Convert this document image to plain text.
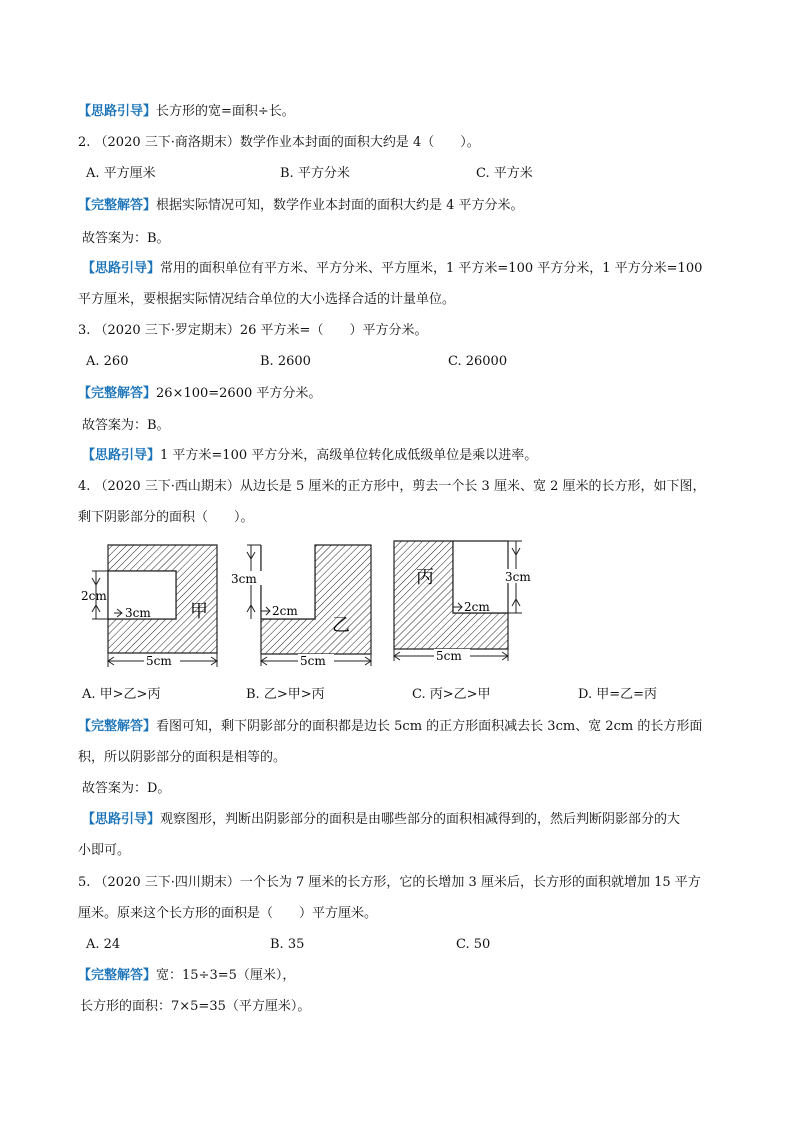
【思路引导】长方形的宽=面积÷长。
2. （2020 三下·商洛期末）数学作业本封面的面积大约是 4（　　）。
A. 平方厘米	B. 平方分米	C. 平方米
【完整解答】根据实际情况可知，数学作业本封面的面积大约是 4 平方分米。
故答案为：B。
【思路引导】常用的面积单位有平方米、平方分米、平方厘米，1 平方米=100 平方分米，1 平方分米=100
平方厘米，要根据实际情况结合单位的大小选择合适的计量单位。
3. （2020 三下·罗定期末）26 平方米=（　　）平方分米。
A. 260	B. 2600	C. 26000
【完整解答】26×100=2600 平方分米。
故答案为：B。
【思路引导】1 平方米=100 平方分米，高级单位转化成低级单位是乘以进率。
4. （2020 三下·西山期末）从边长是 5 厘米的正方形中，剪去一个长 3 厘米、宽 2 厘米的长方形，如下图，
剩下阴影部分的面积（　　）。
2cm
3cm 甲
5cm
3cm
2cm
乙
5cm
丙	3cm
2cm
5cm
A. 甲>乙>丙	B. 乙>甲>丙	C. 丙>乙>甲	D. 甲=乙=丙
【完整解答】看图可知，剩下阴影部分的面积都是边长 5cm 的正方形面积减去长 3cm、宽 2cm 的长方形面
积，所以阴影部分的面积是相等的。
故答案为：D。
【思路引导】观察图形，判断出阴影部分的面积是由哪些部分的面积相减得到的，然后判断阴影部分的大
小即可。
5. （2020 三下·四川期末）一个长为 7 厘米的长方形，它的长增加 3 厘米后，长方形的面积就增加 15 平方
厘米。原来这个长方形的面积是（　　）平方厘米。
A. 24	B. 35	C. 50
【完整解答】宽：15÷3=5（厘米），
长方形的面积：7×5=35（平方厘米）。
